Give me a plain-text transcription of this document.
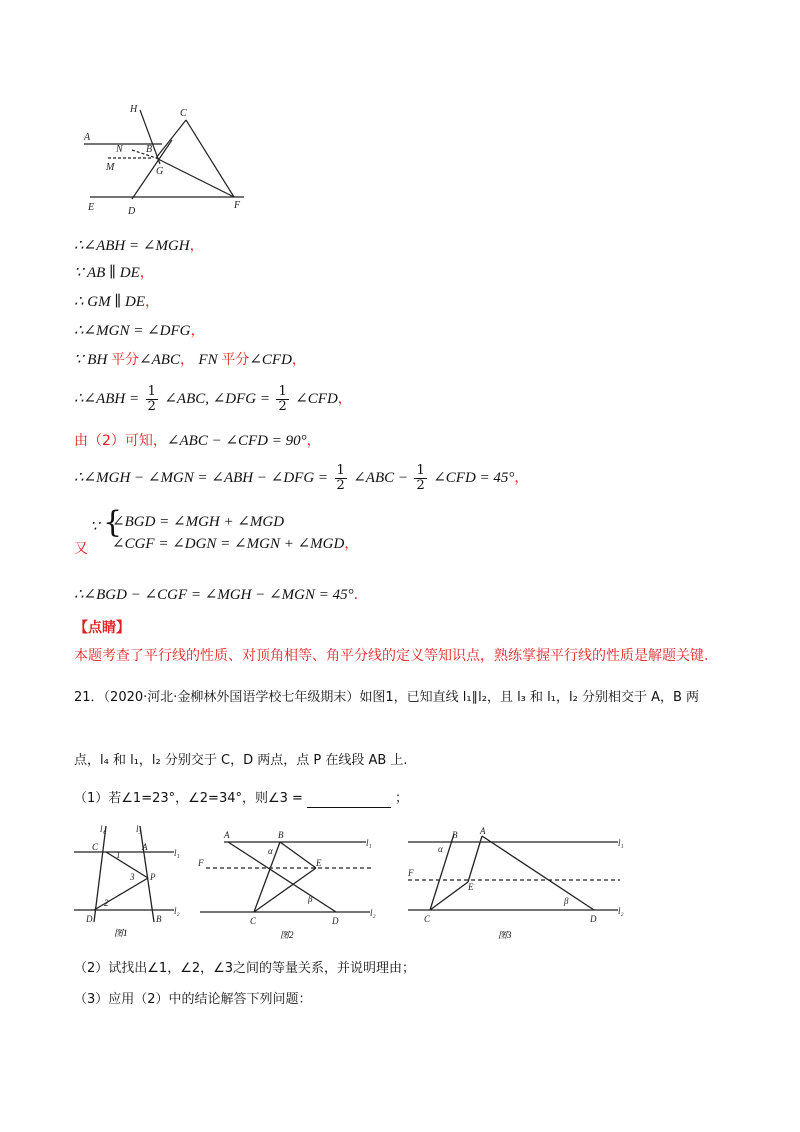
H	C
A
N B
M	G
E	D
F
∴∠ABH = ∠MGH，
∵ AB ∥ DE，
∴ GM ∥ DE，
∴∠MGN = ∠DFG，
∵ BH 平分∠ABC， FN 平分∠CFD，
∴∠ABH = $\frac{1}{2}$ ∠ABC, ∠DFG = $\frac{1}{2}$ ∠CFD，
由（2）可知，∠ABC − ∠CFD = 90°，
∴∠MGH − ∠MGN = ∠ABH − ∠DFG = $\frac{1}{2}$ ∠ABC − $\frac{1}{2}$ ∠CFD = 45°，
又
∵ {
∠BGD = ∠MGH + ∠MGD
∠CGF = ∠DGN = ∠MGN + ∠MGD，
∴∠BGD − ∠CGF = ∠MGH − ∠MGN = 45°．
【点睛】
本题考查了平行线的性质、对顶角相等、角平分线的定义等知识点，熟练掌握平行线的性质是解题关键.
21．（2020·河北·金柳林外国语学校七年级期末）如图1，已知直线 l₁∥l₂，且 l₃ 和 l₁，l₂ 分别相交于 A，B 两
点，l₄ 和 l₁，l₂ 分别交于 C，D 两点，点 P 在线段 AB 上.
（1）若∠1=23°，∠2=34°，则∠3 =	；
l₄	l₃
l₁
l₂
C	A
1
3 P
2
D	B
图1
A	B
l₁
F	E
α
β
C	D
l₂
图2
B	A
l₁
F
E
α
β
C	D
l₂
图3
（2）试找出∠1，∠2，∠3之间的等量关系，并说明理由；
（3）应用（2）中的结论解答下列问题：
